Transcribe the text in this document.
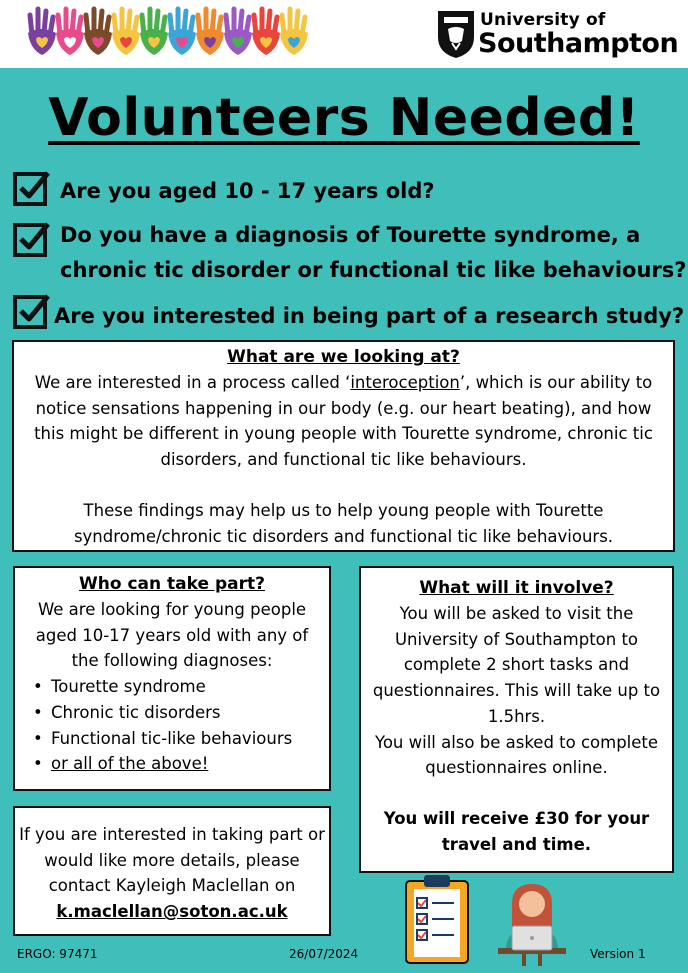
University of
Southampton
Volunteers Needed!
Are you aged 10 - 17 years old?
Do you have a diagnosis of Tourette syndrome, a
chronic tic disorder or functional tic like behaviours?
Are you interested in being part of a research study?
What are we looking at?

We are interested in a process called ‘interoception’, which is our ability to notice sensations happening in our body (e.g. our heart beating), and how this might be different in young people with Tourette syndrome, chronic tic disorders, and functional tic like behaviours.

These findings may help us to help young people with Tourette syndrome/chronic tic disorders and functional tic like behaviours.

Who can take part?

We are looking for young people aged 10-17 years old with any of the following diagnoses:

• Tourette syndrome
• Chronic tic disorders
• Functional tic-like behaviours
• or all of the above!
What will it involve?

You will be asked to visit the University of Southampton to complete 2 short tasks and questionnaires. This will take up to 1.5hrs.

You will also be asked to complete questionnaires online.

You will receive £30 for your travel and time.

If you are interested in taking part or would like more details, please contact Kayleigh Maclellan on

k.maclellan@soton.ac.uk

ERGO: 97471	26/07/2024	Version 1
